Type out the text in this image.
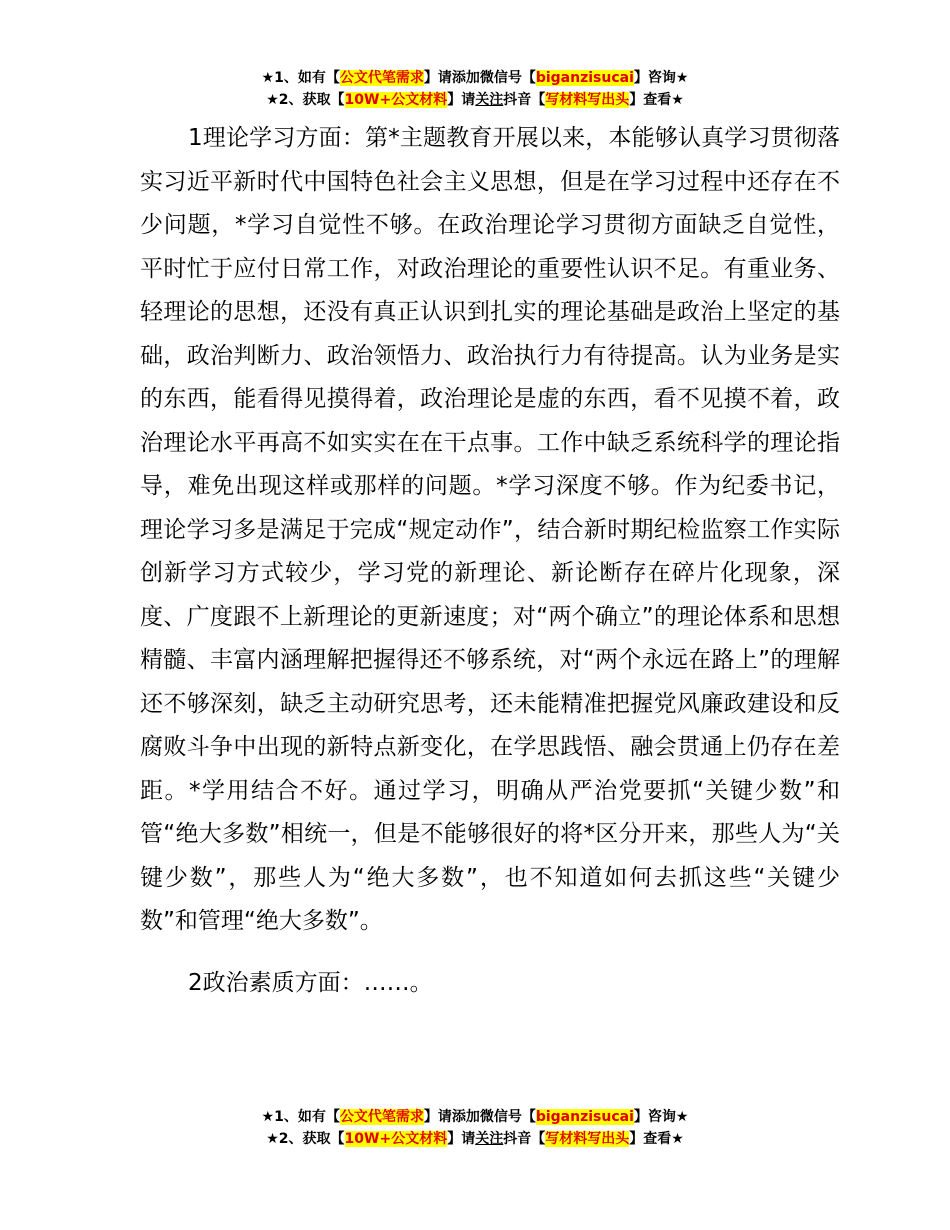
★1、如有【公文代笔需求】请添加微信号【biganzisucai】咨询★
★2、获取【10W+公文材料】请关注抖音【写材料写出头】查看★

1理论学习方面：第*主题教育开展以来，本能够认真学习贯彻落实习近平新时代中国特色社会主义思想，但是在学习过程中还存在不少问题，*学习自觉性不够。在政治理论学习贯彻方面缺乏自觉性，平时忙于应付日常工作，对政治理论的重要性认识不足。有重业务、轻理论的思想，还没有真正认识到扎实的理论基础是政治上坚定的基础，政治判断力、政治领悟力、政治执行力有待提高。认为业务是实的东西，能看得见摸得着，政治理论是虚的东西，看不见摸不着，政治理论水平再高不如实实在在干点事。工作中缺乏系统科学的理论指导，难免出现这样或那样的问题。*学习深度不够。作为纪委书记，理论学习多是满足于完成“规定动作”，结合新时期纪检监察工作实际创新学习方式较少，学习党的新理论、新论断存在碎片化现象，深度、广度跟不上新理论的更新速度；对“两个确立”的理论体系和思想精髓、丰富内涵理解把握得还不够系统，对“两个永远在路上”的理解还不够深刻，缺乏主动研究思考，还未能精准把握党风廉政建设和反腐败斗争中出现的新特点新变化，在学思践悟、融会贯通上仍存在差距。*学用结合不好。通过学习，明确从严治党要抓“关键少数”和管“绝大多数”相统一，但是不能够很好的将*区分开来，那些人为“关键少数”，那些人为“绝大多数”，也不知道如何去抓这些“关键少数”和管理“绝大多数”。

2政治素质方面：……。

★1、如有【公文代笔需求】请添加微信号【biganzisucai】咨询★
★2、获取【10W+公文材料】请关注抖音【写材料写出头】查看★
